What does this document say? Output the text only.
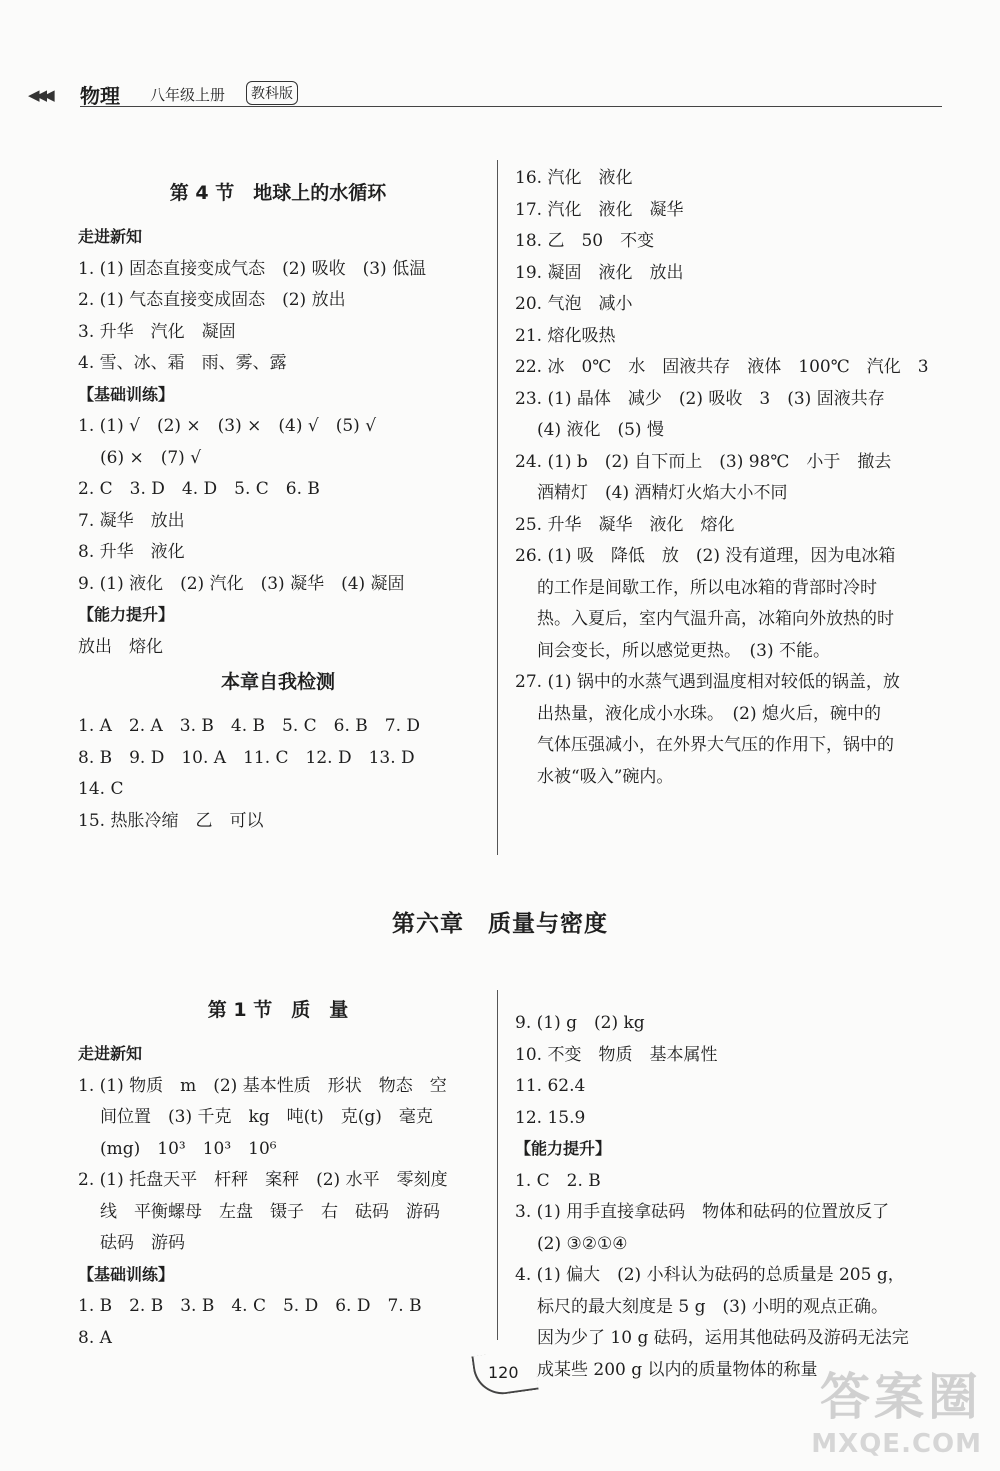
◀◀◀ 物理 八年级上册	教科版
第 4 节　地球上的水循环
走进新知
1. (1) 固态直接变成气态　(2) 吸收　(3) 低温
2. (1) 气态直接变成固态　(2) 放出
3. 升华　汽化　凝固
4. 雪、冰、霜　雨、雾、露
【基础训练】
1. (1) √　(2) ×　(3) ×　(4) √　(5) √
(6) ×　(7) √
2. C　3. D　4. D　5. C　6. B
7. 凝华　放出
8. 升华　液化
9. (1) 液化　(2) 汽化　(3) 凝华　(4) 凝固
【能力提升】
放出　熔化
本章自我检测
1. A　2. A　3. B　4. B　5. C　6. B　7. D
8. B　9. D　10. A　11. C　12. D　13. D
14. C
15. 热胀冷缩　乙　可以
16. 汽化　液化
17. 汽化　液化　凝华
18. 乙　50　不变
19. 凝固　液化　放出
20. 气泡　减小
21. 熔化吸热
22. 冰　0℃　水　固液共存　液体　100℃　汽化　3
23. (1) 晶体　减少　(2) 吸收　3　(3) 固液共存
(4) 液化　(5) 慢
24. (1) b　(2) 自下而上　(3) 98℃　小于　撤去
酒精灯　(4) 酒精灯火焰大小不同
25. 升华　凝华　液化　熔化
26. (1) 吸　降低　放　(2) 没有道理，因为电冰箱
的工作是间歇工作，所以电冰箱的背部时冷时
热。入夏后，室内气温升高，冰箱向外放热的时
间会变长，所以感觉更热。　(3) 不能。
27. (1) 锅中的水蒸气遇到温度相对较低的锅盖，放
出热量，液化成小水珠。　(2) 熄火后，碗中的
气体压强减小，在外界大气压的作用下，锅中的
水被“吸入”碗内。
第六章　质量与密度
第 1 节　质　量
走进新知
1. (1) 物质　m　(2) 基本性质　形状　物态　空
间位置　(3) 千克　kg　吨(t)　克(g)　毫克
(mg)　10³　10³　10⁶
2. (1) 托盘天平　杆秤　案秤　(2) 水平　零刻度
线　平衡螺母　左盘　镊子　右　砝码　游码
砝码　游码
【基础训练】
1. B　2. B　3. B　4. C　5. D　6. D　7. B
8. A
9. (1) g　(2) kg
10. 不变　物质　基本属性
11. 62.4
12. 15.9
【能力提升】
1. C　2. B
3. (1) 用手直接拿砝码　物体和砝码的位置放反了
(2) ③②①④
4. (1) 偏大　(2) 小科认为砝码的总质量是 205 g，
标尺的最大刻度是 5 g　(3) 小明的观点正确。
因为少了 10 g 砝码，运用其他砝码及游码无法完
成某些 200 g 以内的质量物体的称量
120	答案圈
MXQE.COM
